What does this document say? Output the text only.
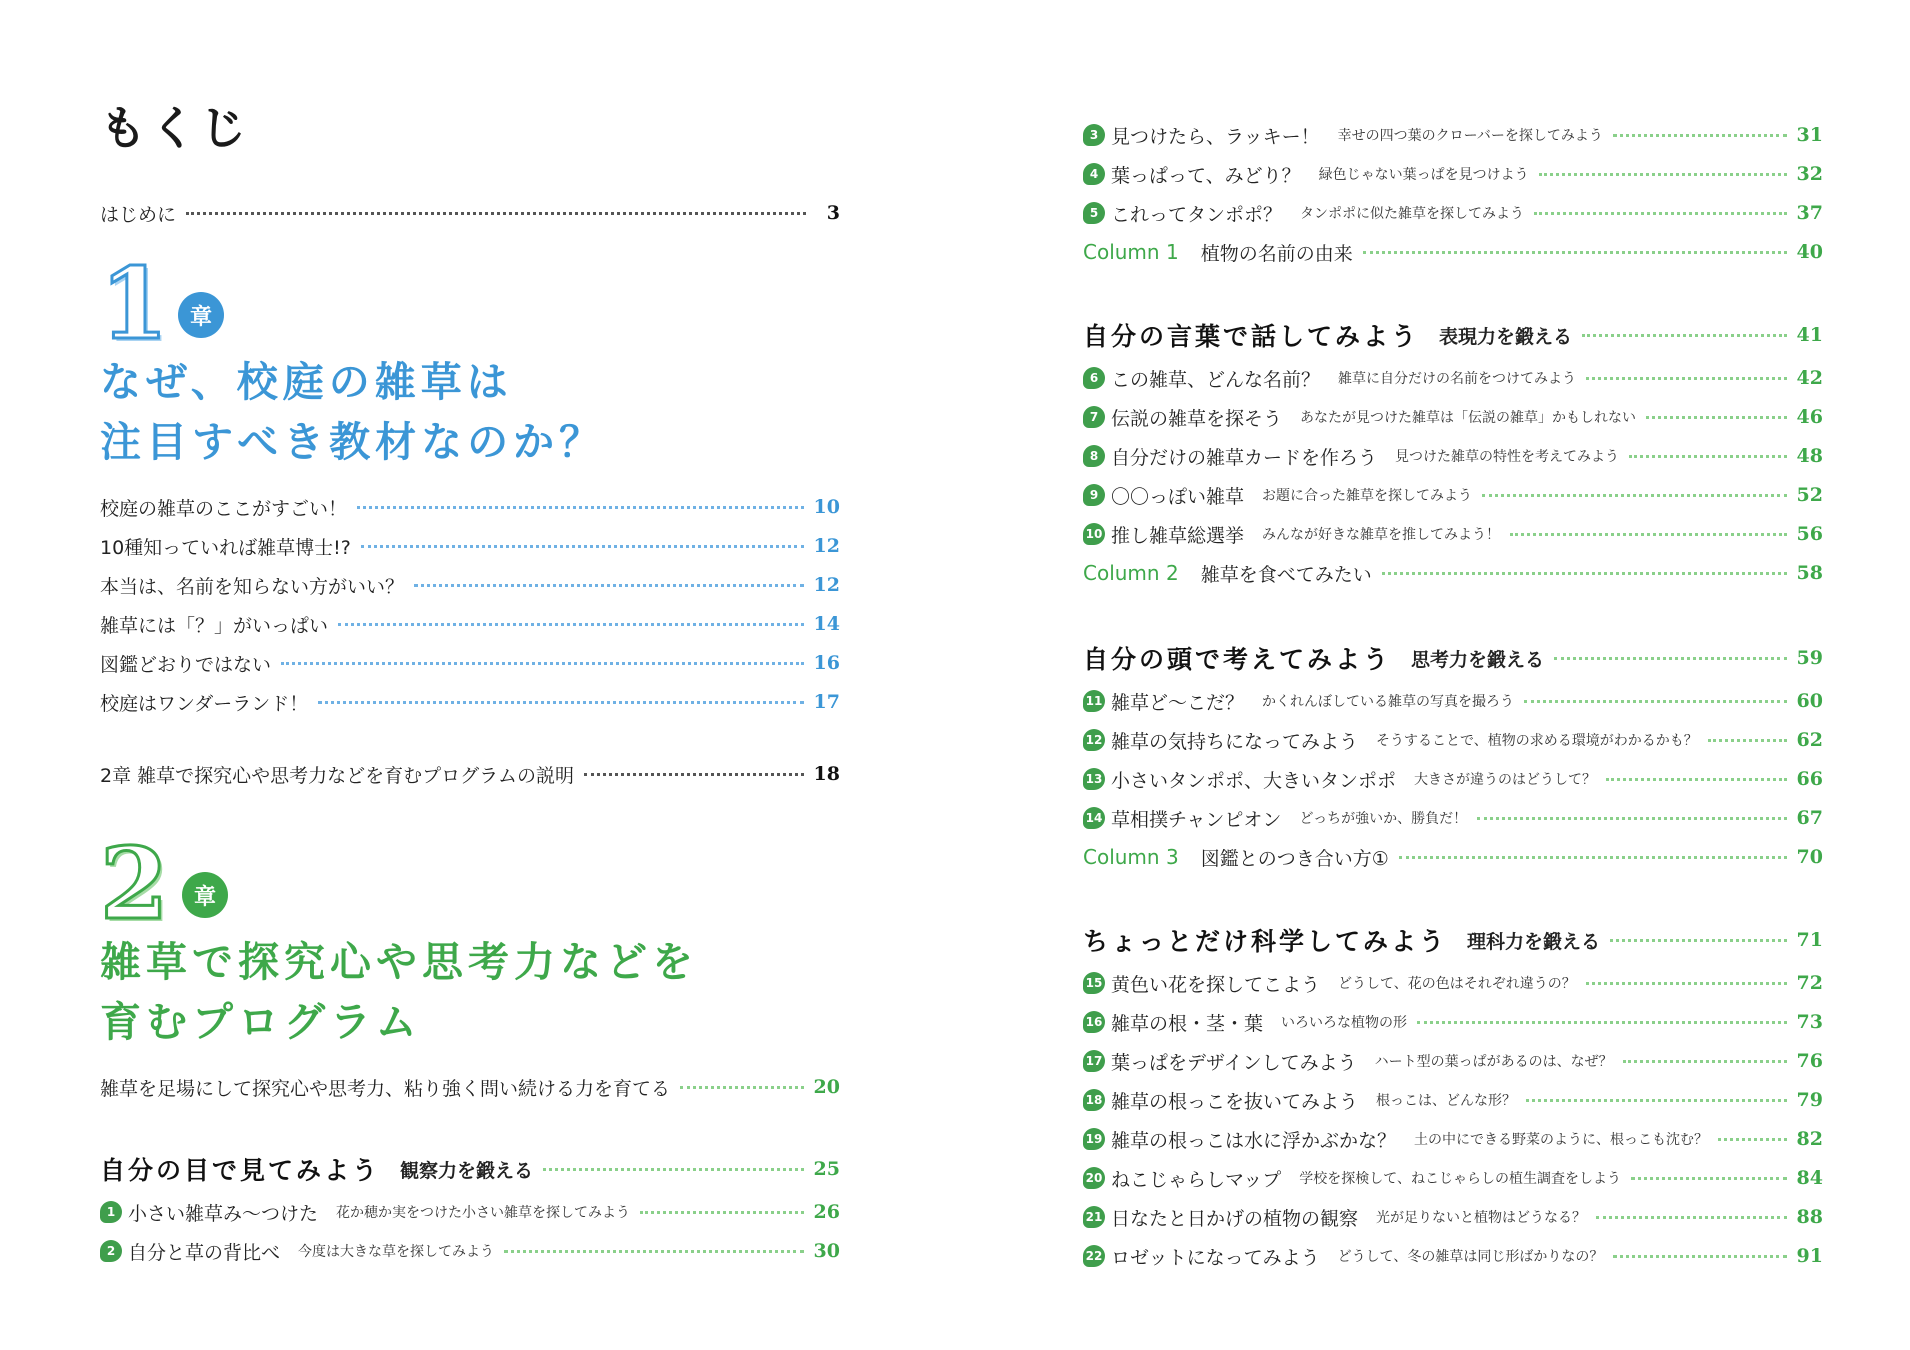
もくじ
はじめに	3
1 章
なぜ、校庭の雑草は
注目すべき教材なのか？
校庭の雑草のここがすごい！	10
10種知っていれば雑草博士!?	12
本当は、名前を知らない方がいい？	12
雑草には「？」がいっぱい	14
図鑑どおりではない	16
校庭はワンダーランド！	17
2章 雑草で探究心や思考力などを育むプログラムの説明	18
2	章
雑草で探究心や思考力などを
育むプログラム
雑草を足場にして探究心や思考力、粘り強く問い続ける力を育てる	20
自分の目で見てみよう 観察力を鍛える	25
1 小さい雑草み〜つけた 花か穂か実をつけた小さい雑草を探してみよう	26
2 自分と草の背比べ 今度は大きな草を探してみよう	30
3 見つけたら、ラッキー！ 幸せの四つ葉のクローバーを探してみよう	31
4 葉っぱって、みどり？ 緑色じゃない葉っぱを見つけよう	32
5 これってタンポポ？ タンポポに似た雑草を探してみよう	37
Column 1 植物の名前の由来	40
自分の言葉で話してみよう 表現力を鍛える	41
6 この雑草、どんな名前？ 雑草に自分だけの名前をつけてみよう	42
7 伝説の雑草を探そう あなたが見つけた雑草は「伝説の雑草」かもしれない	46
8 自分だけの雑草カードを作ろう 見つけた雑草の特性を考えてみよう	48
9 〇〇っぽい雑草 お題に合った雑草を探してみよう	52
10 推し雑草総選挙 みんなが好きな雑草を推してみよう！	56
Column 2 雑草を食べてみたい	58
自分の頭で考えてみよう 思考力を鍛える	59
11 雑草ど〜こだ？ かくれんぼしている雑草の写真を撮ろう	60
12 雑草の気持ちになってみよう そうすることで、植物の求める環境がわかるかも？	62
13 小さいタンポポ、大きいタンポポ 大きさが違うのはどうして？	66
14 草相撲チャンピオン どっちが強いか、勝負だ！	67
Column 3 図鑑とのつき合い方①	70
ちょっとだけ科学してみよう 理科力を鍛える	71
15 黄色い花を探してこよう どうして、花の色はそれぞれ違うの？	72
16 雑草の根・茎・葉 いろいろな植物の形	73
17 葉っぱをデザインしてみよう ハート型の葉っぱがあるのは、なぜ？	76
18 雑草の根っこを抜いてみよう 根っこは、どんな形？	79
19 雑草の根っこは水に浮かぶかな？ 土の中にできる野菜のように、根っこも沈む？	82
20 ねこじゃらしマップ 学校を探検して、ねこじゃらしの植生調査をしよう	84
21 日なたと日かげの植物の観察 光が足りないと植物はどうなる？	88
22 ロゼットになってみよう どうして、冬の雑草は同じ形ばかりなの？	91
